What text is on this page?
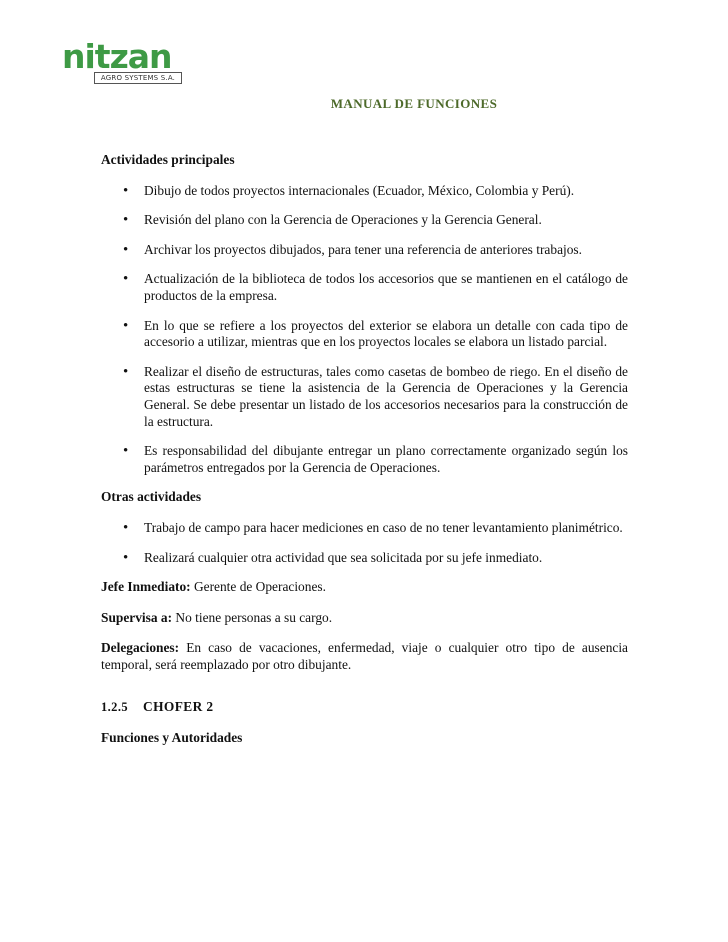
nitzan
AGRO SYSTEMS S.A.
MANUAL DE FUNCIONES
Actividades principales
• Dibujo de todos proyectos internacionales (Ecuador, México, Colombia y Perú).
• Revisión del plano con la Gerencia de Operaciones y la Gerencia General.
• Archivar los proyectos dibujados, para tener una referencia de anteriores trabajos.
• Actualización de la biblioteca de todos los accesorios que se mantienen en el catálogo de productos de la empresa.
• En lo que se refiere a los proyectos del exterior se elabora un detalle con cada tipo de accesorio a utilizar, mientras que en los proyectos locales se elabora un listado parcial.
• Realizar el diseño de estructuras, tales como casetas de bombeo de riego. En el diseño de estas estructuras se tiene la asistencia de la Gerencia de Operaciones y la Gerencia General. Se debe presentar un listado de los accesorios necesarios para la construcción de la estructura.
• Es responsabilidad del dibujante entregar un plano correctamente organizado según los parámetros entregados por la Gerencia de Operaciones.
Otras actividades
• Trabajo de campo para hacer mediciones en caso de no tener levantamiento planimétrico.
• Realizará cualquier otra actividad que sea solicitada por su jefe inmediato.

Jefe Inmediato: Gerente de Operaciones.

Supervisa a: No tiene personas a su cargo.

Delegaciones: En caso de vacaciones, enfermedad, viaje o cualquier otro tipo de ausencia temporal, será reemplazado por otro dibujante.

1.2.5 CHOFER 2
Funciones y Autoridades
